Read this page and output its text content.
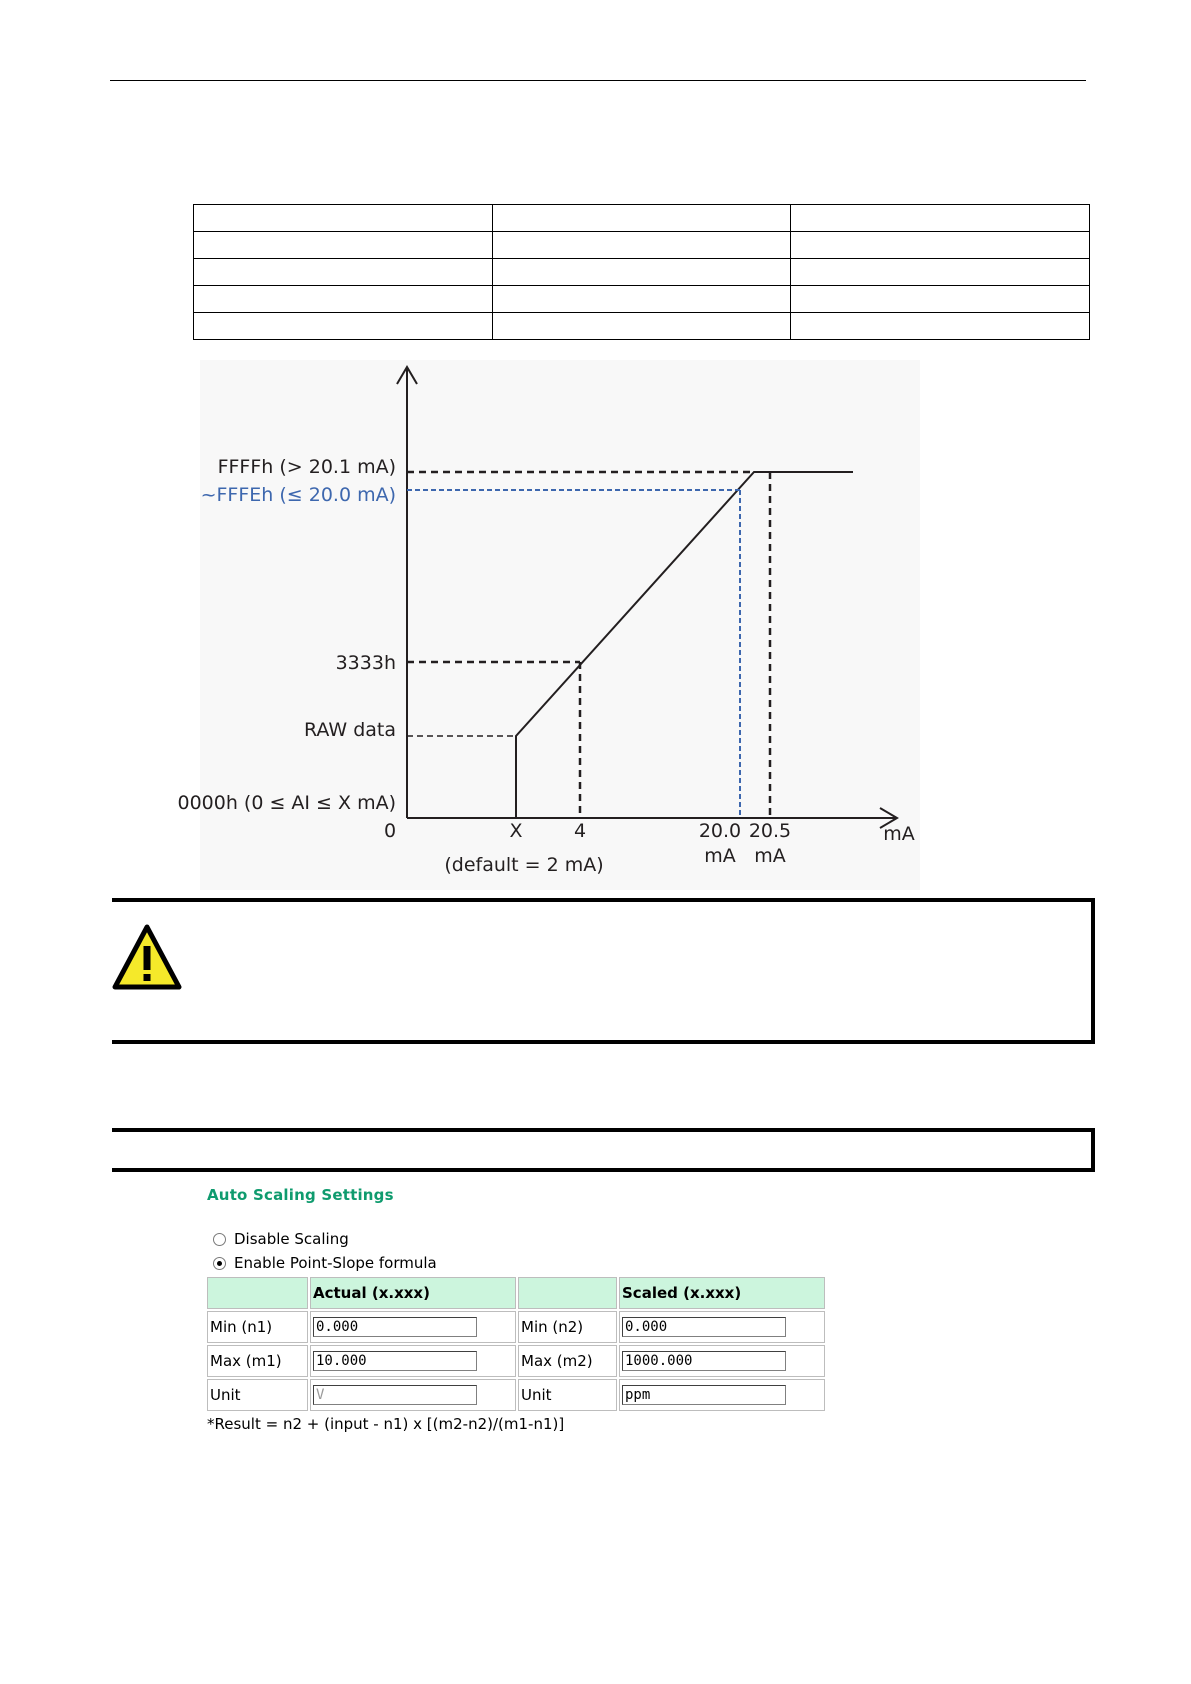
FFFFh (> 20.1 mA)
~FFFEh (≤ 20.0 mA)
3333h
RAW data
0000h (0 ≤ AI ≤ X mA)
0	X	4	20.0
mA
20.5
mA
mA
(default = 2 mA)
Auto Scaling Settings
Disable Scaling
Enable Point-Slope formula
	Actual (x.xxx)		Scaled (x.xxx)
Min (n1)	0.000	Min (n2)	0.000
Max (m1)	10.000	Max (m2)	1000.000
Unit	V	Unit	ppm
*Result = n2 + (input - n1) x [(m2-n2)/(m1-n1)]
